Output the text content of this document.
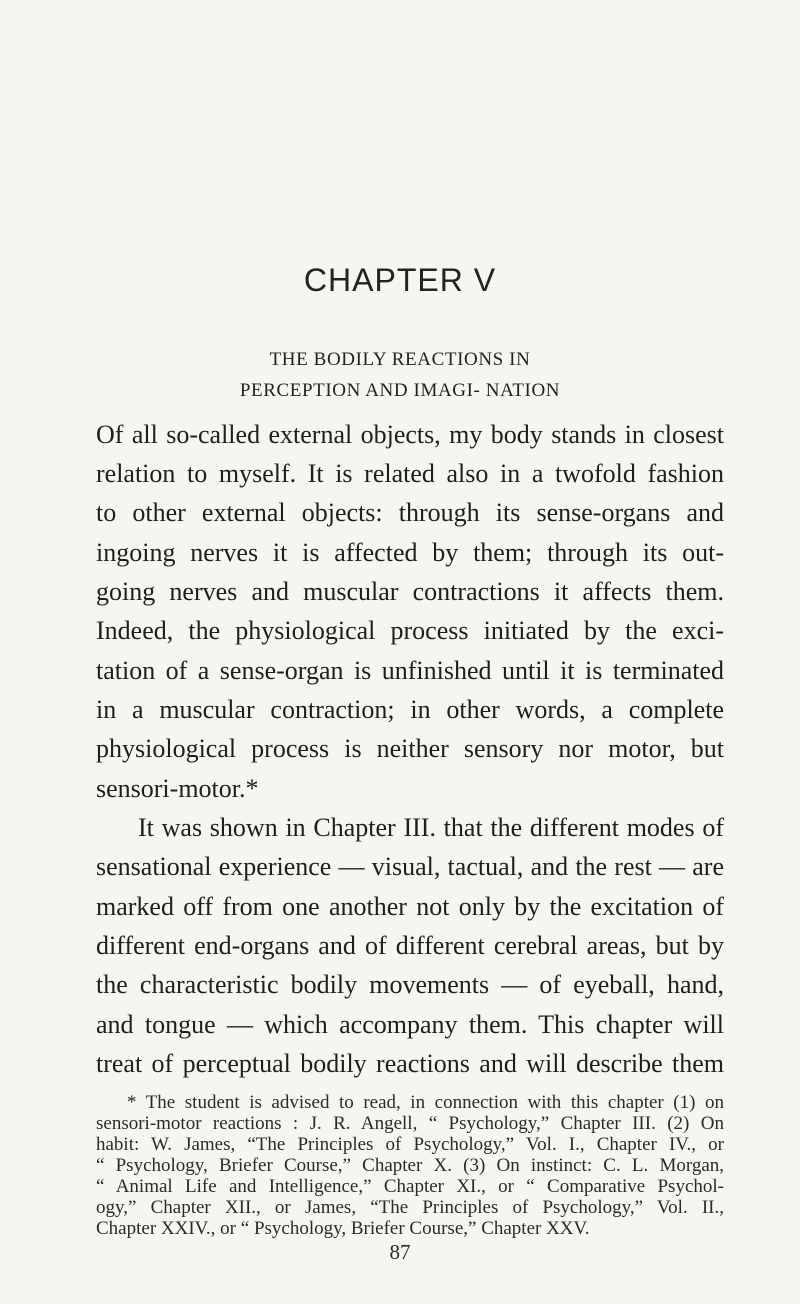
CHAPTER V
THE BODILY REACTIONS IN PERCEPTION AND IMAGI- NATION
Of all so-called external objects, my body stands in closest
relation to myself. It is related also in a twofold fashion
to other external objects: through its sense-organs and
ingoing nerves it is affected by them; through its out-
going nerves and muscular contractions it affects them.
Indeed, the physiological process initiated by the exci-
tation of a sense-organ is unfinished until it is terminated
in a muscular contraction; in other words, a complete
physiological process is neither sensory nor motor, but
sensori-motor.*
It was shown in Chapter III. that the different modes of
sensational experience — visual, tactual, and the rest — are
marked off from one another not only by the excitation of
different end-organs and of different cerebral areas, but by
the characteristic bodily movements — of eyeball, hand,
and tongue — which accompany them. This chapter will
treat of perceptual bodily reactions and will describe them
* The student is advised to read, in connection with this chapter (1) on
sensori-motor reactions : J. R. Angell, “ Psychology,” Chapter III. (2) On
habit: W. James, “The Principles of Psychology,” Vol. I., Chapter IV., or
“ Psychology, Briefer Course,” Chapter X. (3) On instinct: C. L. Morgan,
“ Animal Life and Intelligence,” Chapter XI., or “ Comparative Psychol-
ogy,” Chapter XII., or James, “The Principles of Psychology,” Vol. II.,
Chapter XXIV., or “ Psychology, Briefer Course,” Chapter XXV.
87
